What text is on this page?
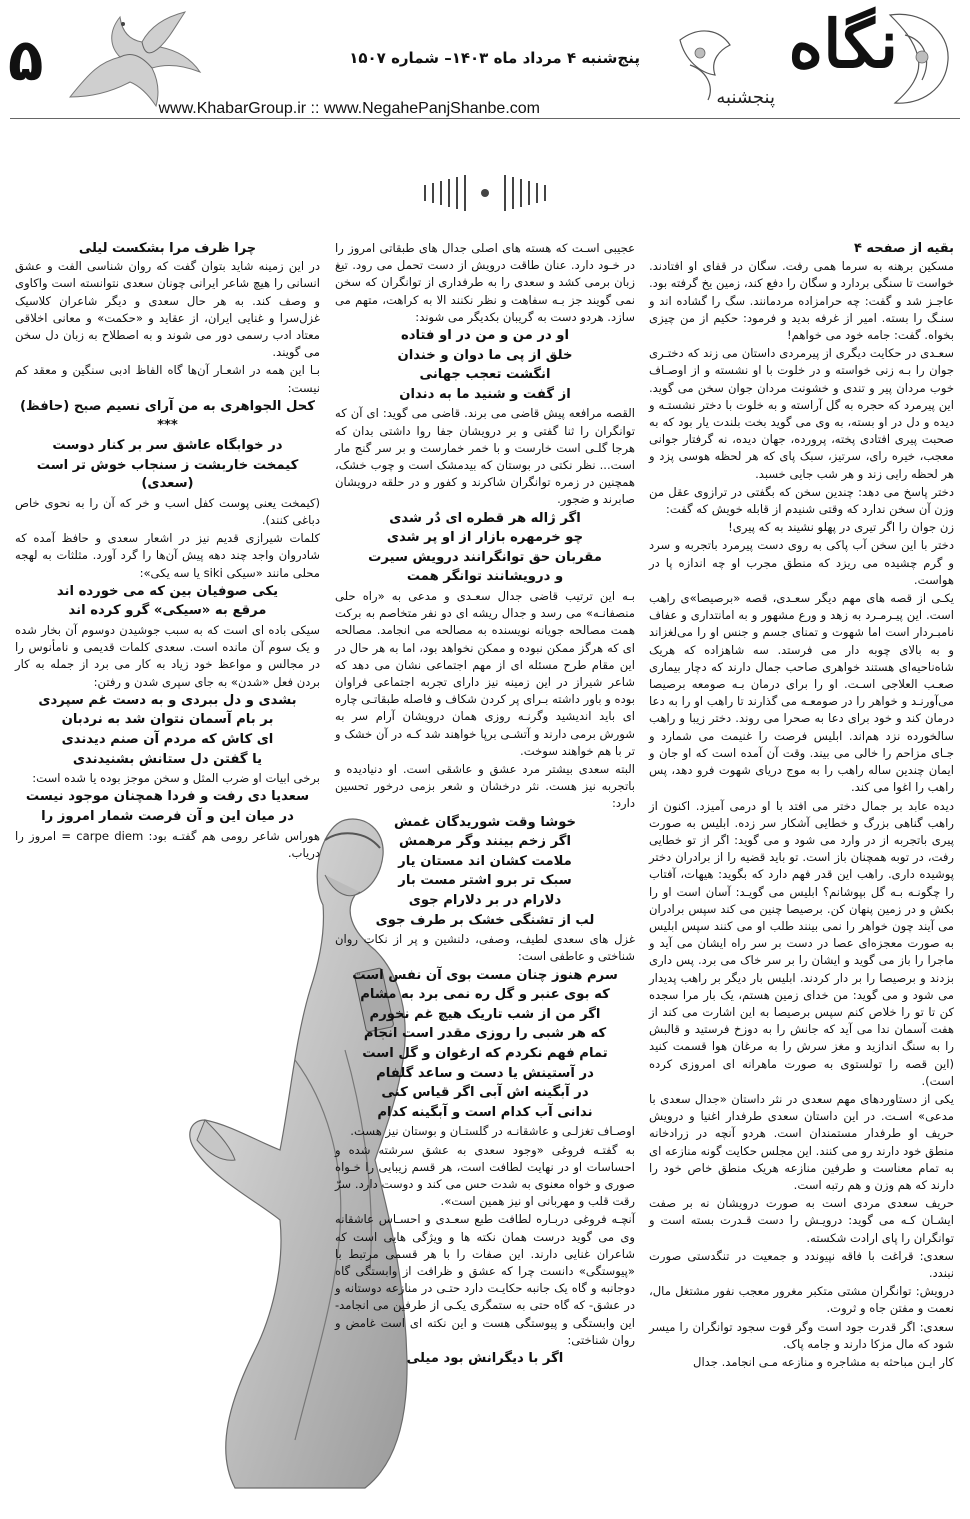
۵	پنج‌شنبه ۴ مرداد ماه ۱۴۰۳– شماره ۱۵۰۷
www.KhabarGroup.ir :: www.NegahePanjShanbe.com
نگاه
پنجشنبه

بقیه از صفحه ۴

مسکین برهنه به سرما همی رفت. سگان در قفای او افتادند. خواست تا سنگی بردارد و سگان را دفع کند، زمین یخ گرفته بود. عاجـز شد و گفت: چه حرامزاده مردمانند. سگ را گشاده اند و سنـگ را بسته. امیر از غرفه بدید و فرمود: حکیم از من چیزی بخواه. گفت: جامه خود می خواهم!

سعـدی در حکایت دیگری از پیرمردی داستان می زند که دختـری جوان را بـه زنی خواسته و در خلوت با او نشسته و از اوصـاف خوب مردان پیر و تندی و خشونت مردان جوان سخن می گوید. این پیرمرد که حجره به گل آراسته و به خلوت با دختر نشستـه و دیده و دل در او بسته، به وی می گوید بخت بلندت یار بود که به صحبت پیری افتادی پخته، پرورده، جهان دیده، نه گرفتار جوانی معجب، خیره رای، سرتیز، سبک پای که هر لحظه هوسی پزد و هر لحظه رایی زند و هر شب جایی خسبد.

دختر پاسخ می دهد: چندین سخن که بگفتی در ترازوی عقل من وزن آن سخن ندارد که وقتی شنیدم از قابله خویش که گفت:

زن جوان را اگر تیری در پهلو نشیند به که پیری!

دختر با این سخن آب پاکی به روی دست پیرمرد باتجربه و سرد و گرم چشیده می ریزد که منطق مجرب او چه اندازه پا در هواست.

یکـی از قصه های مهم دیگر سعـدی، قصه «برصیصا»ی راهب است. این پیـرمـرد به زهد و ورع مشهور و به امانتداری و عفاف نامبـردار است اما شهوت و تمنای جسم و جنس او را می‌لغزاند و به بالای چوبه دار می فرستد. سه شاهزاده که هریک شاه‌ناحیه‌ای هستند خواهری صاحب جمال دارند که دچار بیماری صعـب العلاجی اسـت. او را برای درمان بـه صومعه برصیصا می‌آورنـد و خواهر را در صومعـه می گذارند تا راهب او را به دعا درمان کند و خود برای دعا به صحرا می روند. دختر زیبا و راهب سالخورده نزد هم‌اند. ابلیس فرصت را غنیمت می شمارد و جـای مزاحم را خالی می بیند. وقت آن آمده است که او جان و ایمان چندین ساله راهب را به موج دریای شهوت فرو دهد، پس راهب را اغوا می کند.

دیده عابد بر جمال دختر می افتد با او درمی آمیزد. اکنون از راهب گناهی بزرگ و خطایی آشکار سر زده. ابلیس به صورت پیری باتجربه از در وارد می شود و می گوید: اگر از تو خطایی رفت، در توبه همچنان باز است. تو باید قضیه را از برادران دختر پوشیده داری. راهب این قدر فهم دارد که بگوید: هیهات، آفتاب را چگونـه بـه گل بپوشانم؟ ابلیس می گویـد: آسان است او را بکش و در زمین پنهان کن. برصیصا چنین می کند سپس برادران می آیند چون خواهر را نمی بینند طلب او می کنند سپس ابلیس به صورت معجزه‌ای عصا در دست بر سر راه ایشان می آید و ماجرا را باز می گوید و ایشان را بر سر خاک می برد. پس داری بزدند و برصیصا را بر دار کردند. ابلیس بار دیگر بر راهب پدیدار می شود و می گوید: من خدای زمین هستم، یک بار مرا سجده کن تا تو را خلاص کنم سپس برصیصا به این اشارت می کند از هفت آسمان ندا می آید که جانش را به دوزخ فرستید و قالبش را به سنگ اندازید و مغز سرش را به مرغان هوا قسمت کنید (این قصه را تولستوی به صورت ماهرانه ای امروزی کرده است).

یکی از دستاوردهای مهم سعدی در نثر داستان «جدال سعدی با مدعی» اسـت. در این داستان سعدی طرفدار اغنیا و درویش حریف او طرفدار مستمندان است. هردو آنچه در زرادخانه منطق خود دارند رو می کنند. این مجلس حکایت گونه منازعه ای به تمام معناست و طرفین منازعه هریک منطق خاص خود را دارند که هم وزن و هم رتبه است.

حریف سعدی مردی است به صورت درویشان نه بر صفت ایشـان کـه می گوید: درویـش را دست قـدرت بسته است و توانگران را پای ارادت شکسته.

سعدی: قراغت با فاقه نپیوندد و جمعیت در تنگدستی صورت نبندد.

درویش: توانگران مشتی متکبر مغرور معجب نفور مشتغل مال، نعمت و مفتن جاه و ثروت.

سعدی: اگر قدرت جود است وگر قوت سجود توانگران را میسر شود که مال مزکا دارند و جامه پاک.

کار ایـن مباحثه به مشاجره و منازعه مـی انجامد. جدال

عجیبی اسـت که هسته های اصلی جدال های طبقاتی امروز را در خـود دارد. عنان طاقت درویش از دست تحمل می رود. تیغ زبان برمی کشد و سعدی را به طرفداری از توانگران که سخن نمی گویند جز بـه سفاهت و نظر نکنند الا به کراهت، متهم می سازد. هردو دست به گریبان بکدیگر می شوند:

او در من و من در او فتاده

خلق از پی ما دوان و خندان

انگشت تعجب جهانی

از گفت و شنید ما به دندان

القصه مرافعه پیش قاضی می برند. قاضی می گوید: ای آن که توانگران را ثنا گفتی و بر درویشان جفا روا داشتی بدان که هرجا گلـی است خارست و با خمر خمارست و بر سر گنج مار است... نظر نکتی در بوستان که بیدمشک است و چوب خشک، همچنین در زمره توانگران شاکرند و کفور و در حلقه درویشان صابرند و ضجور.

اگر ژاله هر قطره ای دُر شدی

چو خرمهره بازار از او پر شدی

مقربان حق توانگرانند درویش سیرت

و درویشانند توانگر همت

بـه این ترتیب قاضی جدال سعـدی و مدعی به «راه حلی منصفانـه» می رسد و جدال ریشه ای دو نفر متخاصم به برکت همت مصالحه جویانه نویسنده به مصالحه می انجامد. مصالحه ای که هرگز ممکن نبوده و ممکن نخواهد بود، اما به هر حال در این مقام طرح مسئله ای از مهم اجتماعی نشان می دهد که شاعر شیراز در این زمینه نیز دارای تجربه اجتماعی فراوان بوده و باور داشته بـرای پر کردن شکاف و فاصله طبقاتـی چاره ای باید اندیشید وگرنـه روزی همان درویشان آرام سر به شورش برمی دارند و آتشـی برپا خواهند شد کـه در آن خشک و تر با هم خواهند سوخت.

البته سعدی بیشتر مرد عشق و عاشقی است. او دنیادیده و باتجربه نیز هست. نثر درخشان و شعر بزمی درخور تحسین دارد:

خوشا وقت شوریدگان غمش

اگر زخم بینند وگر مرهمش

ملامت کشان اند مستان یار

سبک تر برو اشتر مست بار

دلارام در بر دلارام جوی

لب از تشنگی خشک بر طرف جوی

غزل های سعدی لطیف، وصفی، دلنشین و پر از نکات روان شناختی و عاطفی است:

سرم هنوز چنان مست بوی آن نفس است

که بوی عنبر و گل ره نمی برد به مشام

اگر من از شب تاریک هیچ غم نخورم

که هر شبی را روزی مقدر است انجام

تمام فهم نکردم که ارغوان و گل است

در آستینش یا دست و ساعد گلفام

در آبگینه اش آبی اگر قیاس کنی

ندانی آب کدام است و آبگینه کدام

اوصـاف تغزلـی و عاشقانـه در گلستـان و بوستان نیز هست.

به گفتـه فروغی «وجود سعدی به عشق سرشته شده و احساسات او در نهایت لطافت است، هر قسم زیبایی را خـواه صوری و خواه معنوی به شدت حس می کند و دوست دارد. سرّ رقت قلب و مهربانی او نیز همین است».

آنچـه فروغی دربـاره لطافت طبع سعـدی و احسـاس عاشقانه وی می گوید درست همان نکته ها و ویژگی هایی است که شاعران غنایی دارند. این صفات را با هر قسمی مرتبط با «پیوستگی» دانست چرا که عشق و ظرافت از وابستگی گاه دوجانبه و گاه یک جانبه حکایـت دارد حتـی در منازعه دوستانه و در عشق- که گاه حتی به ستمگری یکـی از طرفین می انجامد- این وابستگی و پیوستگی هست و این نکته ای است غامض و روان شناختی:

اگر با دیگرانش بود میلی

چرا ظرف مرا بشکست لیلی

در این زمینه شاید بتوان گفت که روان شناسی الفت و عشق انسانی را هیچ شاعر ایرانی چونان سعدی نتوانسته است واکاوی و وصف کند. به هر حال سعدی و دیگر شاعران کلاسیک غزل‌سرا و غنایی ایران، از عقاید و «حکمت» و معانی اخلاقی معتاد ادب رسمی دور می شوند و به اصطلاح به زبان دل سخن می گویند.

بـا این همه در اشعـار آن‌ها گاه الفاظ ادبی سنگین و معقد کم نیست:

کحل الجواهری به من آرای نسیم صبح (حافظ)

***

در خوابگاه عاشق سر بر کنار دوست

کیمخت خاربشت ز سنجاب خوش تر است (سعدی)

(کیمخت یعنی پوست کفل اسب و خر که آن را به نحوی خاص دباغی کنند).

کلمات شیرازی قدیم نیز در اشعار سعدی و حافظ آمده که شادروان واجد چند دهه پیش آن‌ها را گرد آورد. مثلثات به لهجه محلی مانند «سیکی siki یا سه یکی»:

یکی صوفیان بین که می خورده اند

مرقع به «سیکی» گرو کرده اند

سیکی باده ای است که به سبب جوشیدن دوسوم آن بخار شده و یک سوم آن مانده است. سعدی کلمات قدیمی و نامأنوس را در مجالس و مواعظ خود زیاد به کار می برد از جمله به کار بردن فعل «شدن» به جای سپری شدن و رفتن:

بشدی و دل ببردی و به دست غم سپردی

بر بام آسمان نتوان شد به نردبان

ای کاش که مردم آن صنم دیدندی

یا گفتن دل ستانش بشنیدندی

برخی ابیات او ضرب المثل و سخن موجز بوده یا شده است:

سعدیا دی رفت و فردا همچنان موجود نیست

در میان این و آن فرصت شمار امروز را

هوراس شاعر رومی هم گفتـه بود: carpe diem = امروز را دریاب.
